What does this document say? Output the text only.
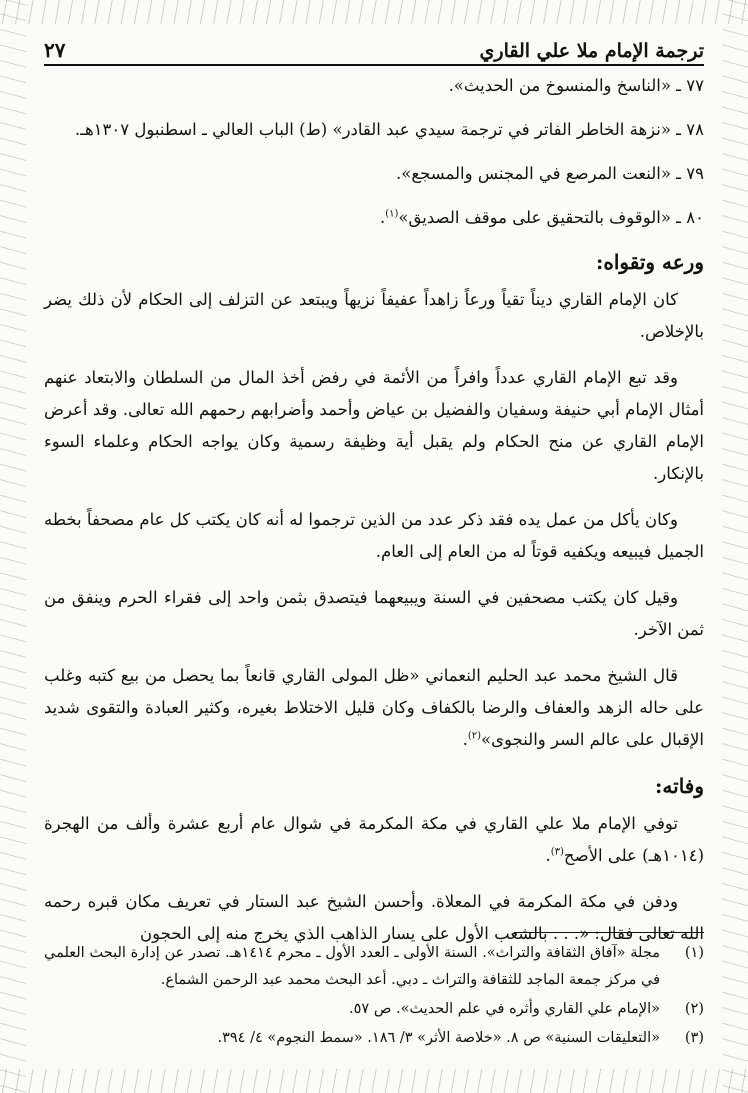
ترجمة الإمام ملا علي القاري
٢٧

٧٧ ـ «الناسخ والمنسوخ من الحديث».

٧٨ ـ «نزهة الخاطر الفاتر في ترجمة سيدي عبد القادر» (ط) الباب العالي ـ اسطنبول ١٣٠٧هـ.

٧٩ ـ «النعت المرصع في المجنس والمسجع».

٨٠ ـ «الوقوف بالتحقيق على موقف الصديق»$^{(١)}$.

ورعه وتقواه:

كان الإمام القاري ديناً تقياً ورعاً زاهداً عفيفاً نزيهاً ويبتعد عن التزلف إلى الحكام لأن ذلك يضر بالإخلاص.

وقد تبع الإمام القاري عدداً وافراً من الأئمة في رفض أخذ المال من السلطان والابتعاد عنهم أمثال الإمام أبي حنيفة وسفيان والفضيل بن عياض وأحمد وأضرابهم رحمهم الله تعالى. وقد أعرض الإمام القاري عن منح الحكام ولم يقبل أية وظيفة رسمية وكان يواجه الحكام وعلماء السوء بالإنكار.

وكان يأكل من عمل يده فقد ذكر عدد من الذين ترجموا له أنه كان يكتب كل عام مصحفاً بخطه الجميل فيبيعه ويكفيه قوتاً له من العام إلى العام.

وقيل كان يكتب مصحفين في السنة ويبيعهما فيتصدق بثمن واحد إلى فقراء الحرم وينفق من ثمن الآخر.

قال الشيخ محمد عبد الحليم النعماني «ظل المولى القاري قانعاً بما يحصل من بيع كتبه وغلب على حاله الزهد والعفاف والرضا بالكفاف وكان قليل الاختلاط بغيره، وكثير العبادة والتقوى شديد الإقبال على عالم السر والنجوى»$^{(٢)}$.

وفاته:

توفي الإمام ملا علي القاري في مكة المكرمة في شوال عام أربع عشرة وألف من الهجرة (١٠١٤هـ) على الأصح$^{(٣)}$.

ودفن في مكة المكرمة في المعلاة. وأحسن الشيخ عبد الستار في تعريف مكان قبره رحمه الله تعالى فقال: «. . . بالشعب الأول على يسار الذاهب الذي يخرج منه إلى الحجون

(١)
مجلة «آفاق الثقافة والتراث». السنة الأولى ـ العدد الأول ـ محرم ١٤١٤هـ. تصدر عن إدارة البحث العلمي في مركز جمعة الماجد للثقافة والتراث ـ دبي. أعد البحث محمد عبد الرحمن الشماع.
(٢)
«الإمام علي القاري وأثره في علم الحديث». ص ٥٧.
(٣)
«التعليقات السنية» ص ٨. «خلاصة الأثر» ٣/ ١٨٦. «سمط النجوم» ٤/ ٣٩٤.
